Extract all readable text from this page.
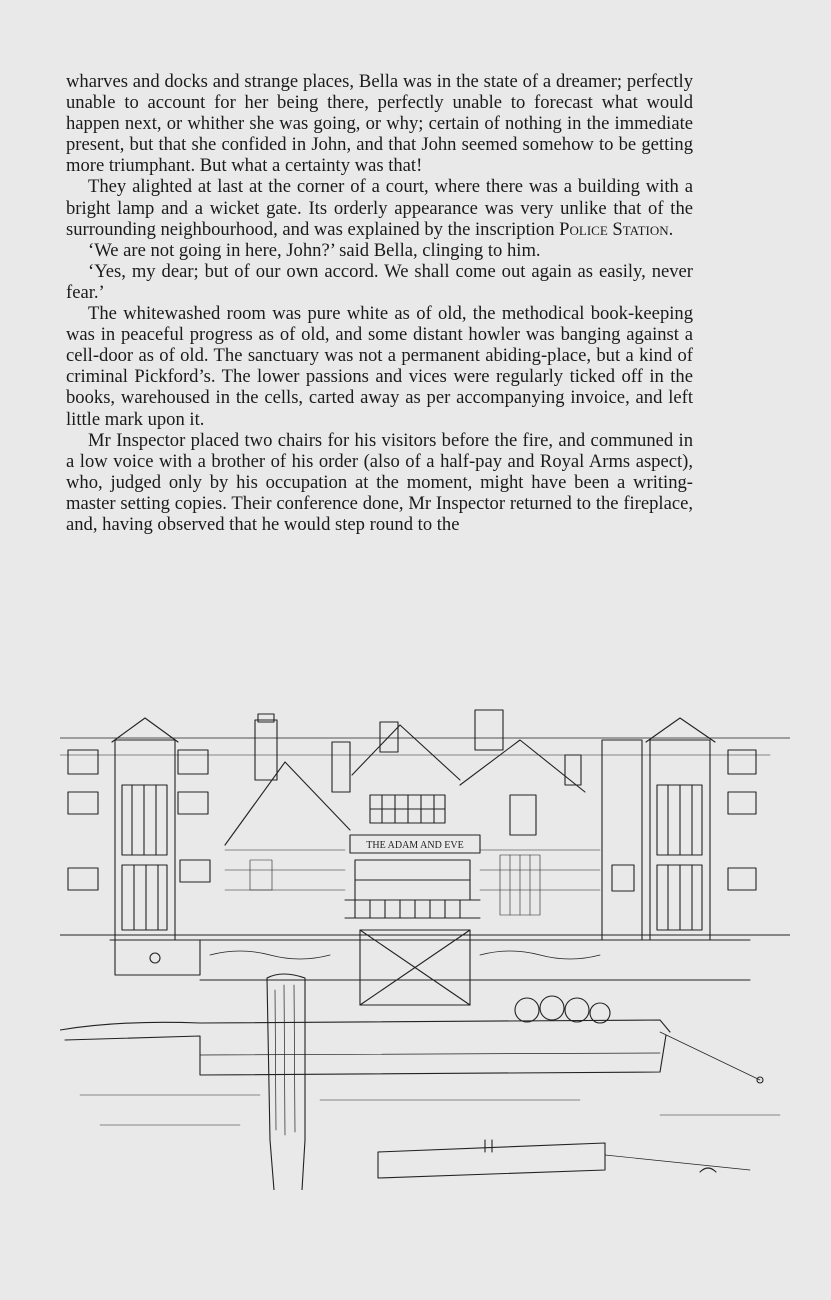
wharves and docks and strange places, Bella was in the state of a dreamer; perfectly unable to account for her being there, perfectly unable to forecast what would happen next, or whither she was going, or why; certain of nothing in the immediate present, but that she confided in John, and that John seemed somehow to be getting more triumphant. But what a certainty was that!

They alighted at last at the corner of a court, where there was a building with a bright lamp and a wicket gate. Its orderly appearance was very unlike that of the surrounding neighbourhood, and was explained by the inscription Police Station.

‘We are not going in here, John?’ said Bella, clinging to him.

‘Yes, my dear; but of our own accord. We shall come out again as easily, never fear.’

The whitewashed room was pure white as of old, the methodical book-keeping was in peaceful progress as of old, and some distant howler was banging against a cell-door as of old. The sanctuary was not a permanent abiding-place, but a kind of criminal Pickford’s. The lower passions and vices were regularly ticked off in the books, warehoused in the cells, carted away as per accompanying invoice, and left little mark upon it.

Mr Inspector placed two chairs for his visitors before the fire, and communed in a low voice with a brother of his order (also of a half-pay and Royal Arms aspect), who, judged only by his occupation at the moment, might have been a writing-master setting copies. Their conference done, Mr Inspector returned to the fireplace, and, having observed that he would step round to the

THE ADAM AND EVE
